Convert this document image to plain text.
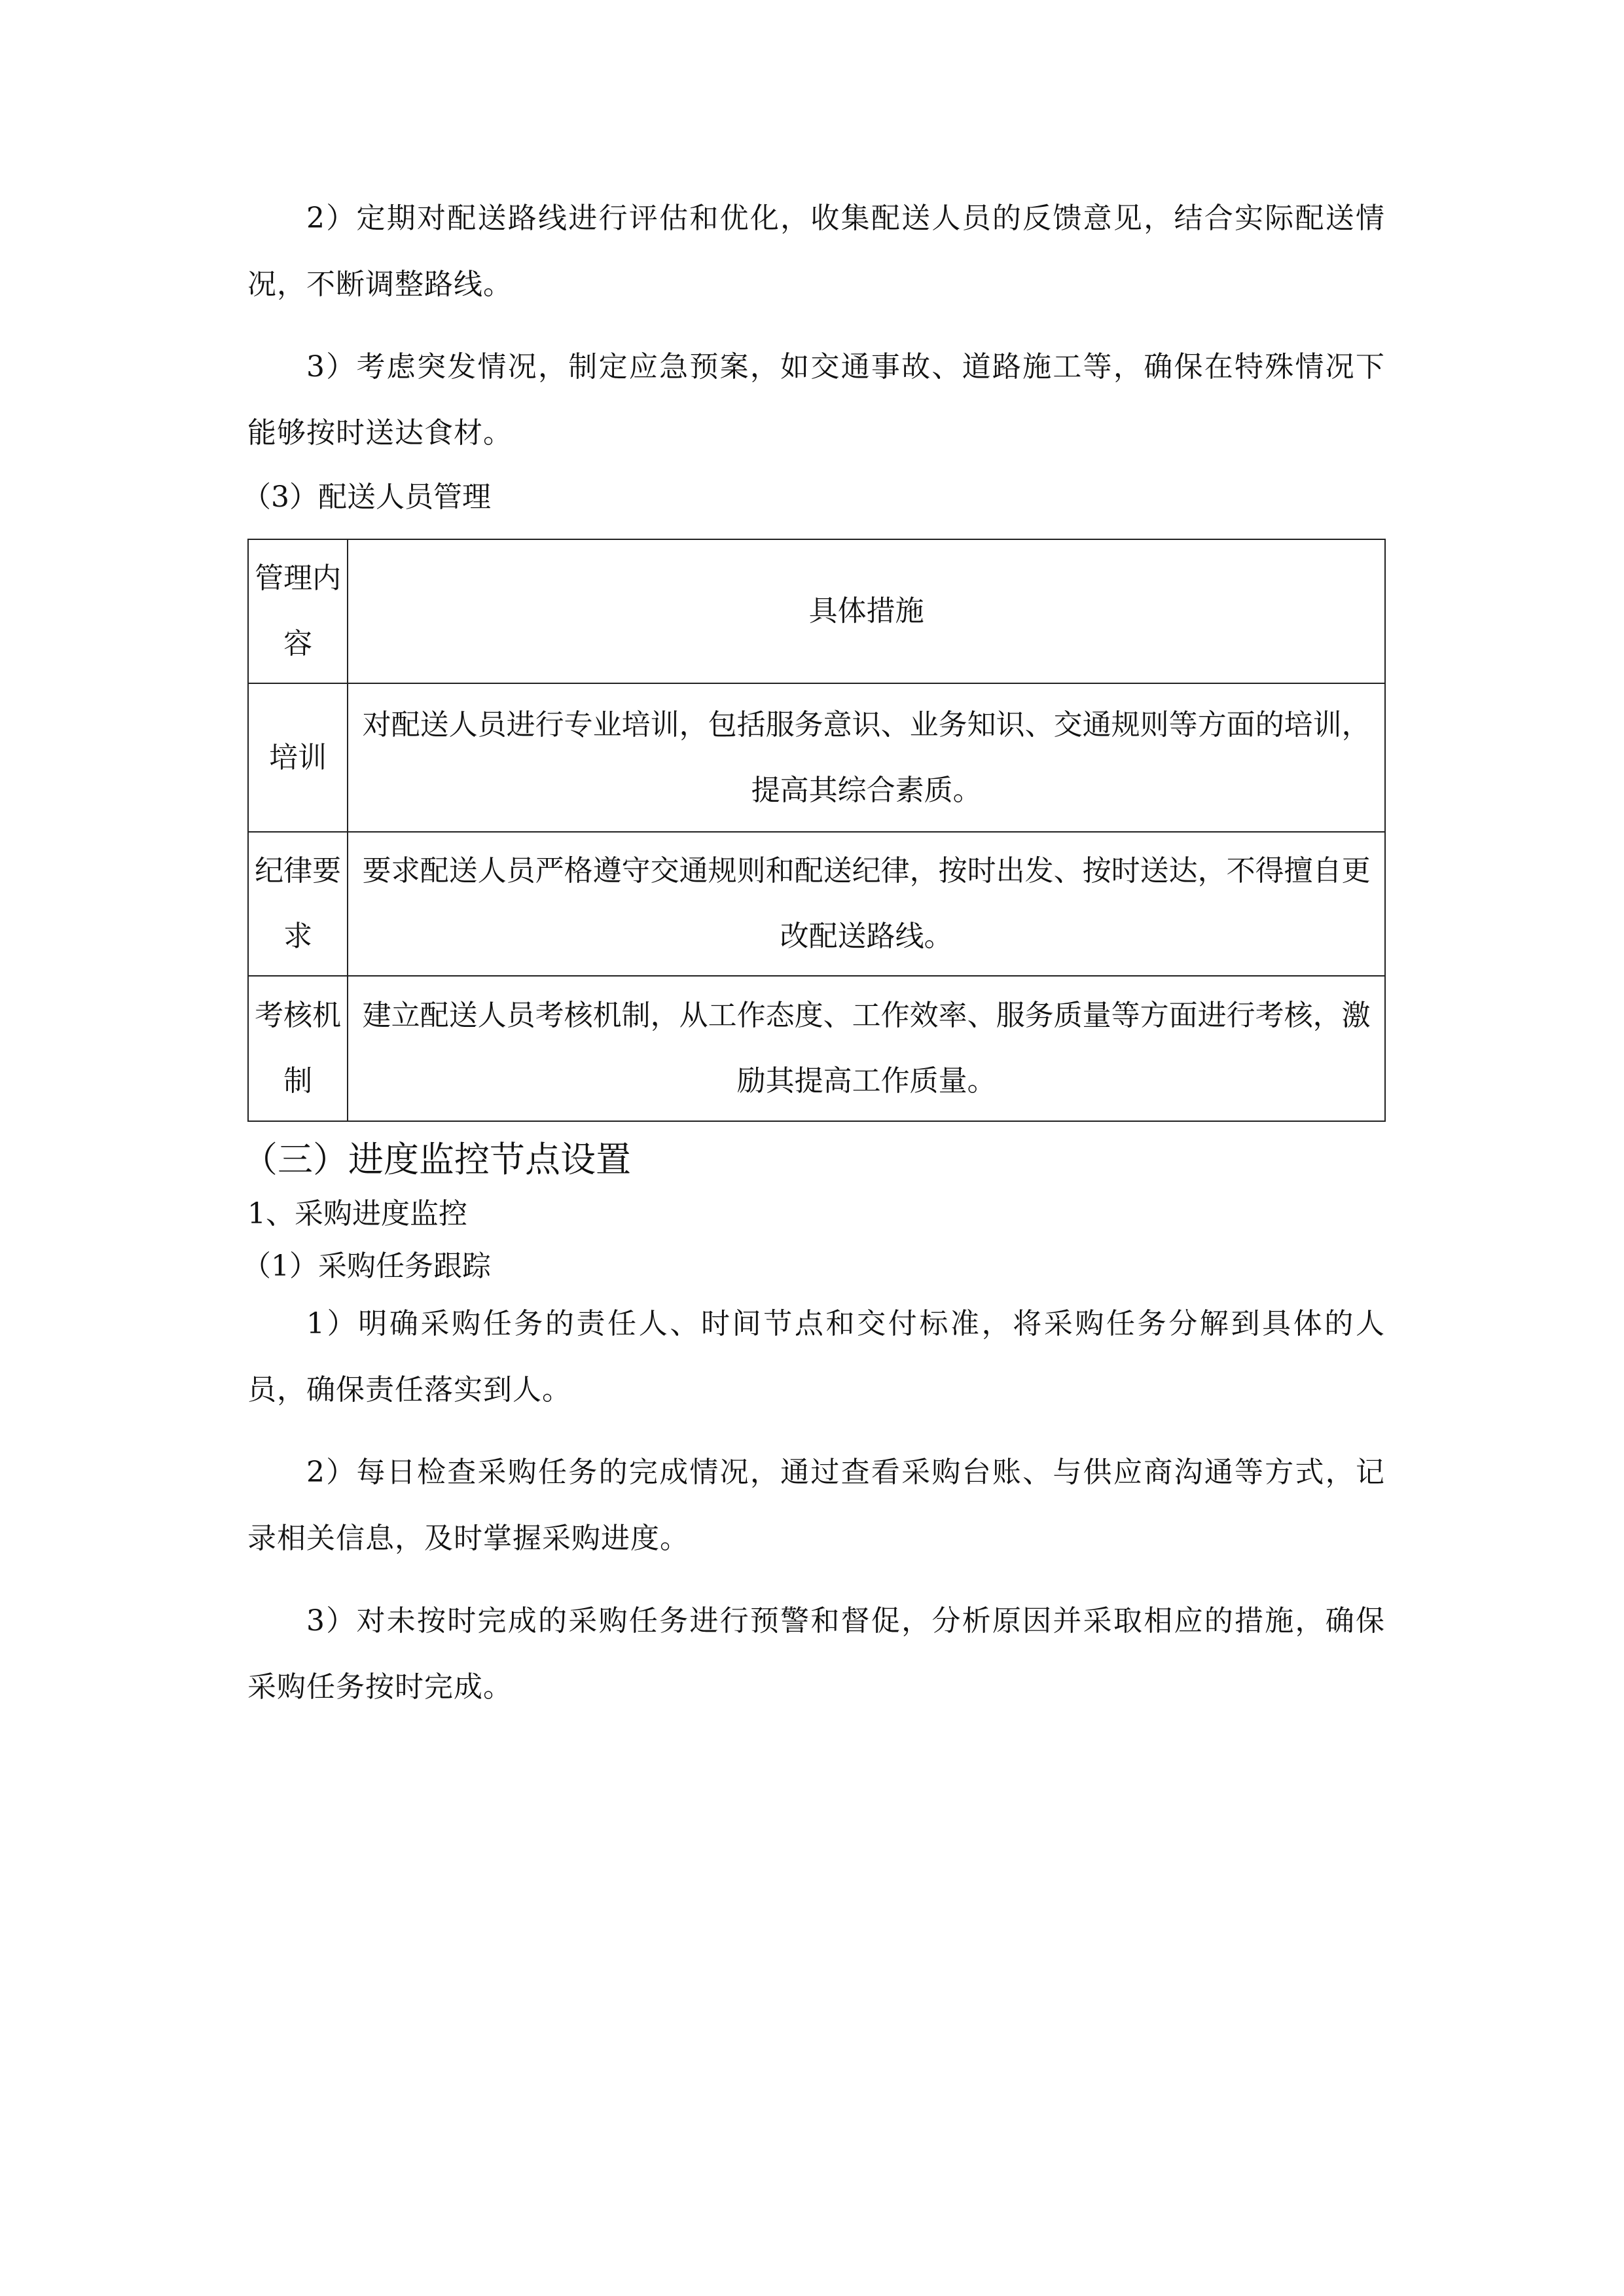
2）定期对配送路线进行评估和优化，收集配送人员的反馈意见，结合实际配送情况，不断调整路线。

3）考虑突发情况，制定应急预案，如交通事故、道路施工等，确保在特殊情况下能够按时送达食材。

（3）配送人员管理

管理内容	具体措施
培训	对配送人员进行专业培训，包括服务意识、业务知识、交通规则等方面的培训，提高其综合素质。
纪律要求	要求配送人员严格遵守交通规则和配送纪律，按时出发、按时送达，不得擅自更改配送路线。
考核机制	建立配送人员考核机制，从工作态度、工作效率、服务质量等方面进行考核，激励其提高工作质量。

（三）进度监控节点设置

1、采购进度监控

（1）采购任务跟踪

1）明确采购任务的责任人、时间节点和交付标准，将采购任务分解到具体的人员，确保责任落实到人。

2）每日检查采购任务的完成情况，通过查看采购台账、与供应商沟通等方式，记录相关信息，及时掌握采购进度。

3）对未按时完成的采购任务进行预警和督促，分析原因并采取相应的措施，确保采购任务按时完成。
